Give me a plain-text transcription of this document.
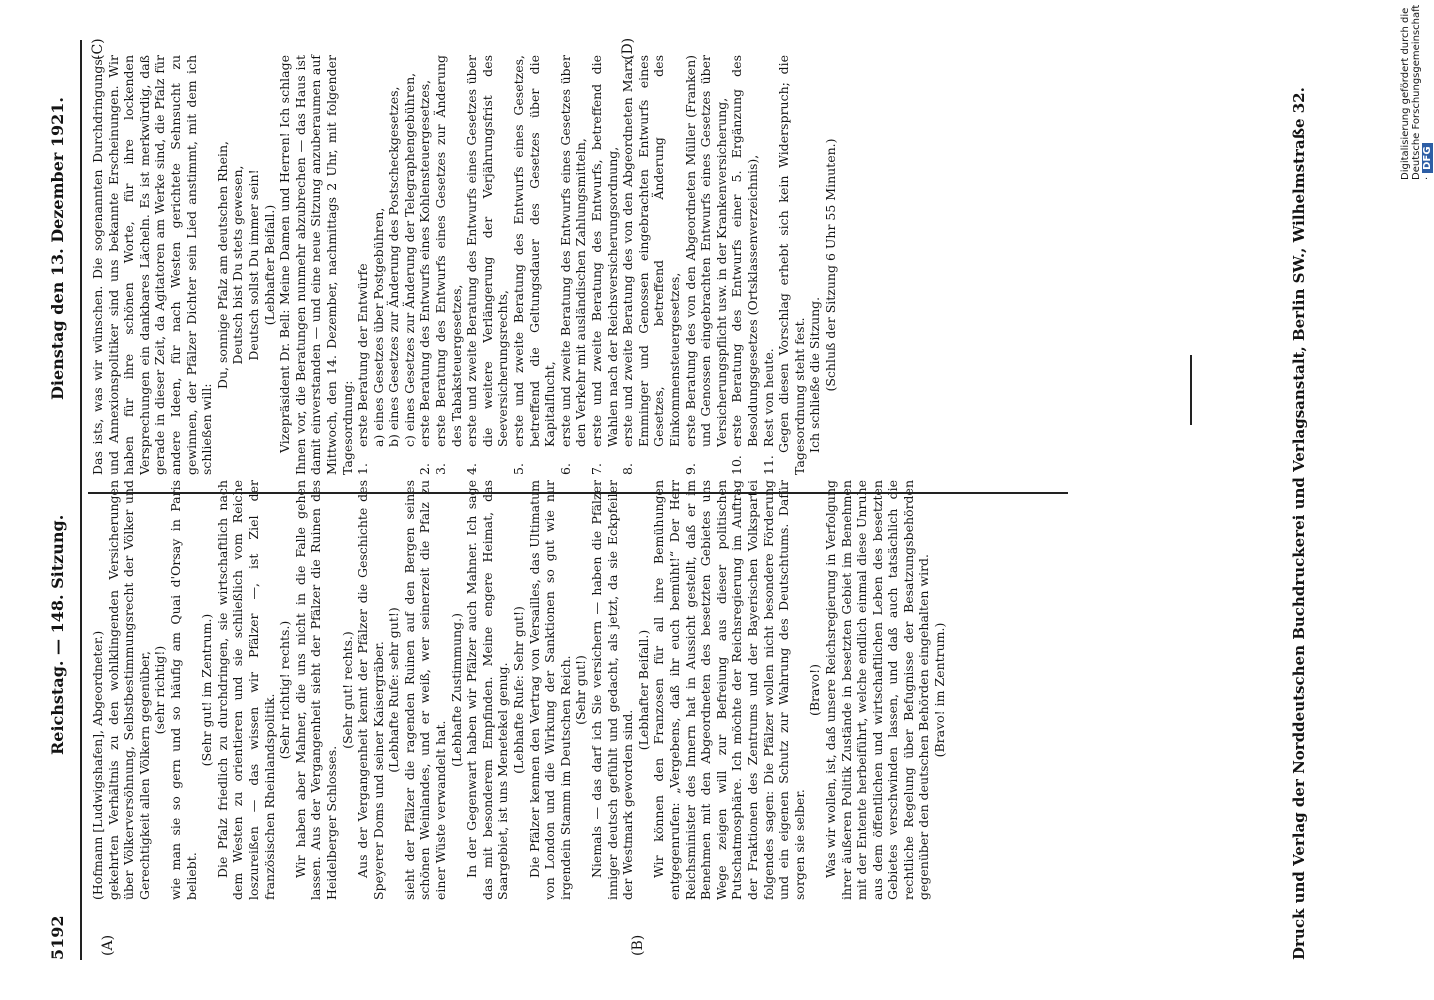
5192
Reichstag. — 148. Sitzung.
Dienstag den 13. Dezember 1921.
(A)	(B)
(C)	(D)

(Hofmann [Ludwigshafen], Abgeordneter.) gekehrten Verhältnis zu den wohlklingenden Versicherungen über Völkerversöhnung, Selbstbestimmungsrecht der Völker und Gerechtigkeit allen Völkern gegenüber, (sehr richtig!) wie man sie so gern und so häufig am Quai d'Orsay in Paris beliebt.

(Sehr gut! im Zentrum.) Die Pfalz friedlich zu durchdringen, sie wirtschaftlich nach dem Westen zu orientieren und sie schließlich vom Reiche loszureißen — das wissen wir Pfälzer —, ist Ziel der französischen Rheinlandspolitik.

(Sehr richtig! rechts.) Wir haben aber Mahner, die uns nicht in die Falle gehen lassen. Aus der Vergangenheit sieht der Pfälzer die Ruinen des Heidelberger Schlosses.

(Sehr gut! rechts.) Aus der Vergangenheit kennt der Pfälzer die Geschichte des Speyerer Doms und seiner Kaisergräber. (Lebhafte Rufe: sehr gut!) sieht der Pfälzer die ragenden Ruinen auf den Bergen seines schönen Weinlandes, und er weiß, wer seinerzeit die Pfalz zu einer Wüste verwandelt hat.

(Lebhafte Zustimmung.) In der Gegenwart haben wir Pfälzer auch Mahner. Ich sage das mit besonderem Empfinden. Meine engere Heimat, das Saargebiet, ist uns Menetekel genug. (Lebhafte Rufe: Sehr gut!) Die Pfälzer kennen den Vertrag von Versailles, das Ultimatum von London und die Wirkung der Sanktionen so gut wie nur irgendein Stamm im Deutschen Reich. (Sehr gut!) Niemals — das darf ich Sie versichern — haben die Pfälzer inniger deutsch gefühlt und gedacht, als jetzt, da sie Eckpfeiler der Westmark geworden sind.

(Lebhafter Beifall.) Wir können den Franzosen für all ihre Bemühungen entgegenrufen: „Vergebens, daß ihr euch bemüht!“ Der Herr Reichsminister des Innern hat in Aussicht gestellt, daß er im Benehmen mit den Abgeordneten des besetzten Gebietes uns Wege zeigen will zur Befreiung aus dieser politischen Putschatmosphäre. Ich möchte der Reichsregierung im Auftrag der Fraktionen des Zentrums und der Bayerischen Volkspartei folgendes sagen: Die Pfälzer wollen nicht besondere Förderung und ein eigenen Schutz zur Wahrung des Deutschtums. Dafür sorgen sie selber.

(Bravo!) Was wir wollen, ist, daß unsere Reichsregierung in Verfolgung ihrer äußeren Politik Zustände in besetzten Gebiet im Benehmen mit der Entente herbeiführt, welche endlich einmal diese Unruhe aus dem öffentlichen und wirtschaftlichen Leben des besetzten Gebietes verschwinden lassen, und daß auch tatsächlich die rechtliche Regelung über Befugnisse der Besatzungsbehörden gegenüber den deutschen Behörden eingehalten wird. (Bravo! im Zentrum.)

Das ists, was wir wünschen. Die sogenannten Durchdringungs- und Annexionspolitiker sind uns bekannte Erscheinungen. Wir haben für ihre schönen Worte, für ihre lockenden Versprechungen ein dankbares Lächeln. Es ist merkwürdig, daß gerade in dieser Zeit, da Agitatoren am Werke sind, die Pfalz für andere Ideen, für nach Westen gerichtete Sehnsucht zu gewinnen, der Pfälzer Dichter sein Lied anstimmt, mit dem ich schließen will:

Du, sonnige Pfalz am deutschen Rhein, Deutsch bist Du stets gewesen, Deutsch sollst Du immer sein! (Lebhafter Beifall.) Vizepräsident Dr. Bell: Meine Damen und Herren! Ich schlage Ihnen vor, die Beratungen nunmehr abzubrechen — das Haus ist damit einverstanden — und eine neue Sitzung anzuberaumen auf Mittwoch, den 14. Dezember, nachmittags 2 Uhr, mit folgender Tagesordnung: 1.
erste Beratung der Entwürfe a) eines Gesetzes über Postgebühren, b) eines Gesetzes zur Änderung des Postscheckgesetzes, c) eines Gesetzes zur Änderung der Telegraphengebühren,

2.
erste Beratung des Entwurfs eines Kohlensteuergesetzes,
3.
erste Beratung des Entwurfs eines Gesetzes zur Änderung des Tabaksteuergesetzes,
4.
erste und zweite Beratung des Entwurfs eines Gesetzes über die weitere Verlängerung der Verjährungsfrist des Seeversicherungsrechts,
5.
erste und zweite Beratung des Entwurfs eines Gesetzes, betreffend die Geltungsdauer des Gesetzes über die Kapitalflucht,
6.
erste und zweite Beratung des Entwurfs eines Gesetzes über den Verkehr mit ausländischen Zahlungsmitteln,
7.
erste und zweite Beratung des Entwurfs, betreffend die Wahlen nach der Reichsversicherungsordnung,
8.
erste und zweite Beratung des von den Abgeordneten Marx, Emminger und Genossen eingebrachten Entwurfs eines Gesetzes, betreffend Änderung des Einkommensteuergesetzes,
9.
erste Beratung des von den Abgeordneten Müller (Franken) und Genossen eingebrachten Entwurfs eines Gesetzes über Versicherungspflicht usw. in der Krankenversicherung,
10.
erste Beratung des Entwurfs einer 5. Ergänzung des Besoldungsgesetzes (Ortsklassenverzeichnis),
11.
Rest von heute. Gegen diesen Vorschlag erhebt sich kein Widerspruch; die Tagesordnung steht fest. Ich schließe die Sitzung. (Schluß der Sitzung 6 Uhr 55 Minuten.)	Druck und Verlag der Norddeutschen Buchdruckerei und Verlagsanstalt, Berlin SW., Wilhelmstraße 32.	Digitalisierung gefördert durch die Deutsche Forschungsgemeinschaft ·DFG
